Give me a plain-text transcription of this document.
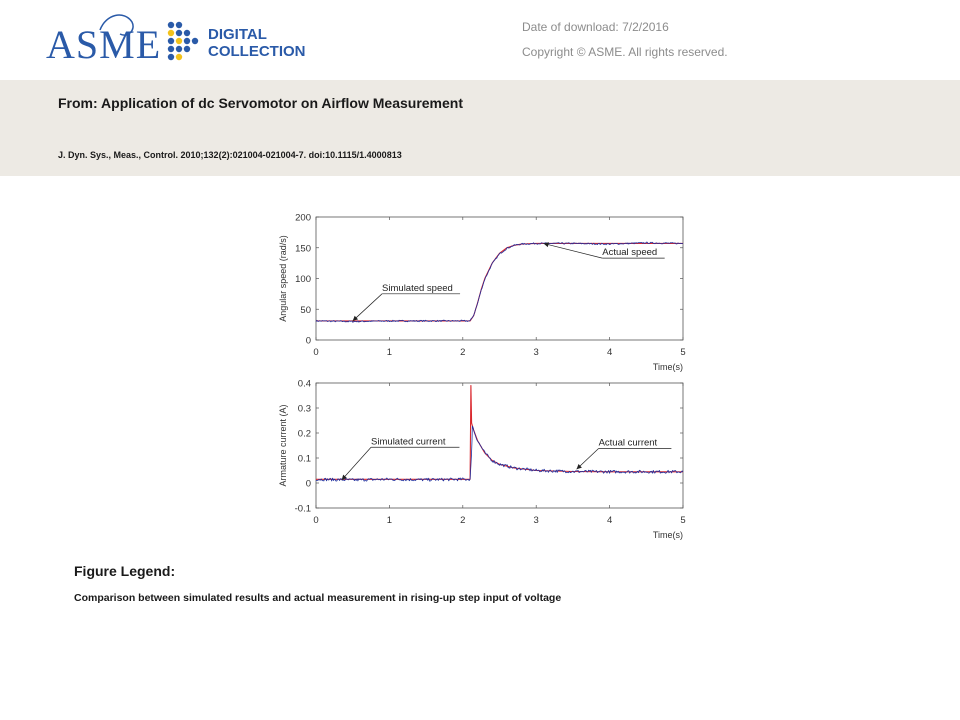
ASME	DIGITAL
COLLECTION
Date of download: 7/2/2016
Copyright © ASME. All rights reserved.
From: Application of dc Servomotor on Airflow Measurement
J. Dyn. Sys., Meas., Control. 2010;132(2):021004-021004-7. doi:10.1115/1.4000813
0	1	2	3	4	5
0
50
100
150
200
Time(s)
Angular speed (rad/s)	Simulated speed
Actual speed
0	1	2	3	4	5
-0.1
0
0.1
0.2
0.3
0.4
Time(s)
Armature current (A)	Simulated current	Actual current
Figure Legend:
Comparison between simulated results and actual measurement in rising-up step input of voltage
